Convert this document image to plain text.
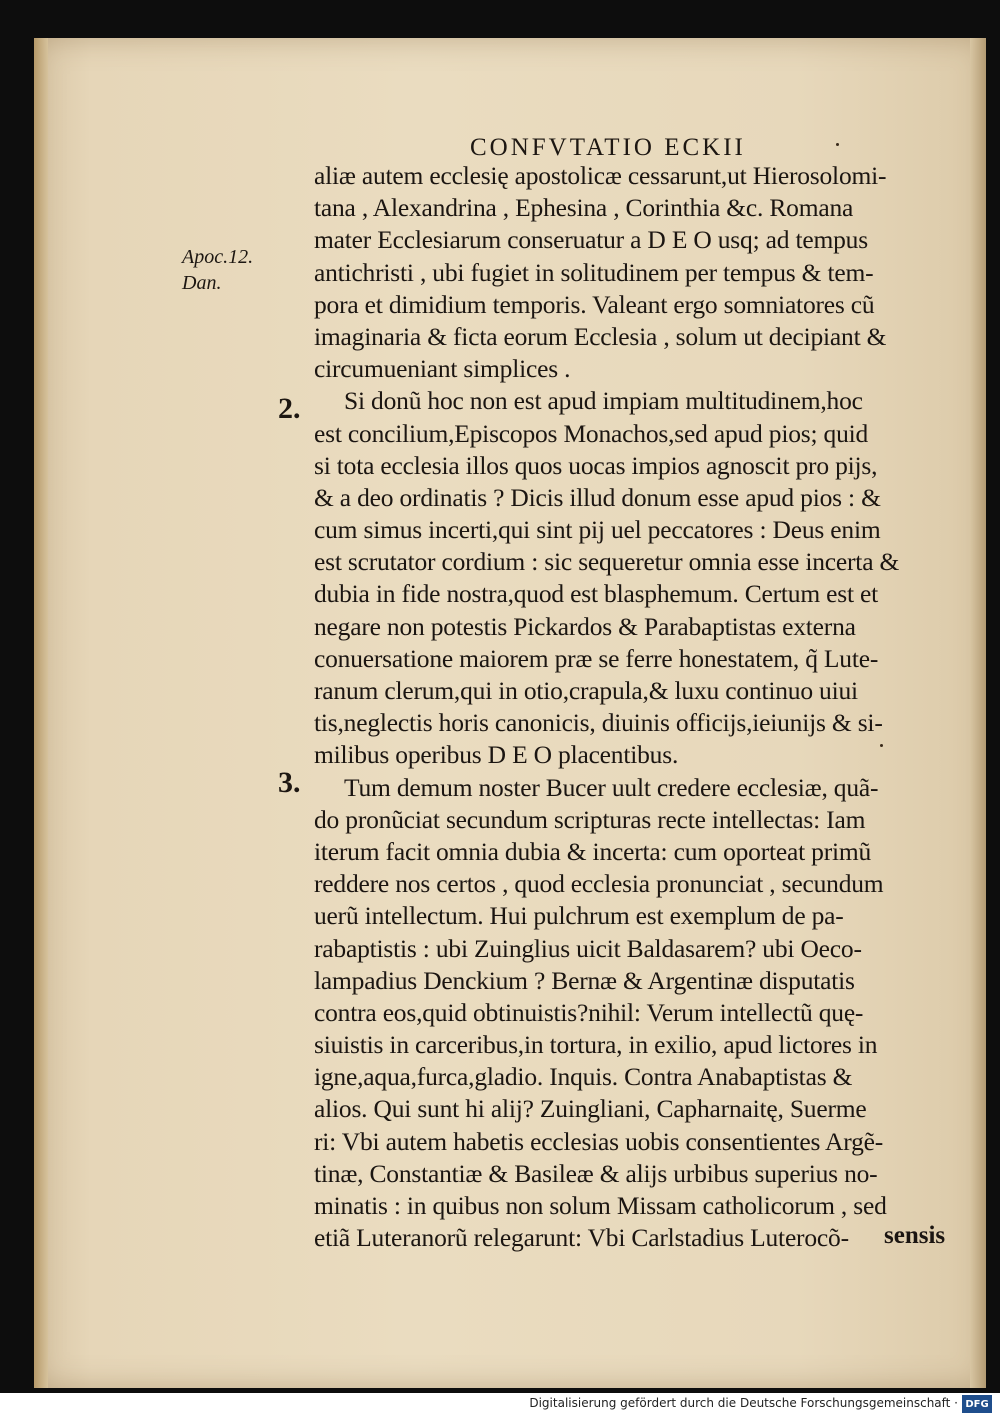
CONFVTATIO ECKII
Apoc.12.
Dan.
2.
3.
aliæ autem ecclesię apostolicæ cessarunt,ut Hierosolomi-
tana , Alexandrina , Ephesina , Corinthia &c. Romana
mater Ecclesiarum conseruatur a D E O usq; ad tempus
antichristi , ubi fugiet in solitudinem per tempus & tem-
pora et dimidium temporis. Valeant ergo somniatores cũ
imaginaria & ficta eorum Ecclesia , solum ut decipiant &
circumueniant simplices .
Si donũ hoc non est apud impiam multitudinem,hoc
est concilium,Episcopos Monachos,sed apud pios; quid
si tota ecclesia illos quos uocas impios agnoscit pro pijs,
& a deo ordinatis ? Dicis illud donum esse apud pios : &
cum simus incerti,qui sint pij uel peccatores : Deus enim
est scrutator cordium : sic sequeretur omnia esse incerta &
dubia in fide nostra,quod est blasphemum. Certum est et
negare non potestis Pickardos & Parabaptistas externa
conuersatione maiorem præ se ferre honestatem, q̃ Lute-
ranum clerum,qui in otio,crapula,& luxu continuo uiui
tis,neglectis horis canonicis, diuinis officijs,ieiunijs & si-
milibus operibus D E O placentibus.
Tum demum noster Bucer uult credere ecclesiæ, quã-
do pronũciat secundum scripturas recte intellectas: Iam
iterum facit omnia dubia & incerta: cum oporteat primũ
reddere nos certos , quod ecclesia pronunciat , secundum
uerũ intellectum. Hui pulchrum est exemplum de pa-
rabaptistis : ubi Zuinglius uicit Baldasarem? ubi Oeco-
lampadius Denckium ? Bernæ & Argentinæ disputatis
contra eos,quid obtinuistis?nihil: Verum intellectũ quę-
siuistis in carceribus,in tortura, in exilio, apud lictores in
igne,aqua,furca,gladio. Inquis. Contra Anabaptistas &
alios. Qui sunt hi alij? Zuingliani, Capharnaitę, Suerme
ri: Vbi autem habetis ecclesias uobis consentientes Argẽ-
tinæ, Constantiæ & Basileæ & alijs urbibus superius no-
minatis : in quibus non solum Missam catholicorum , sed
etiã Luteranorũ relegarunt: Vbi Carlstadius Luterocõ-	sensis
Digitalisierung gefördert durch die Deutsche Forschungsgemeinschaft · DFG
